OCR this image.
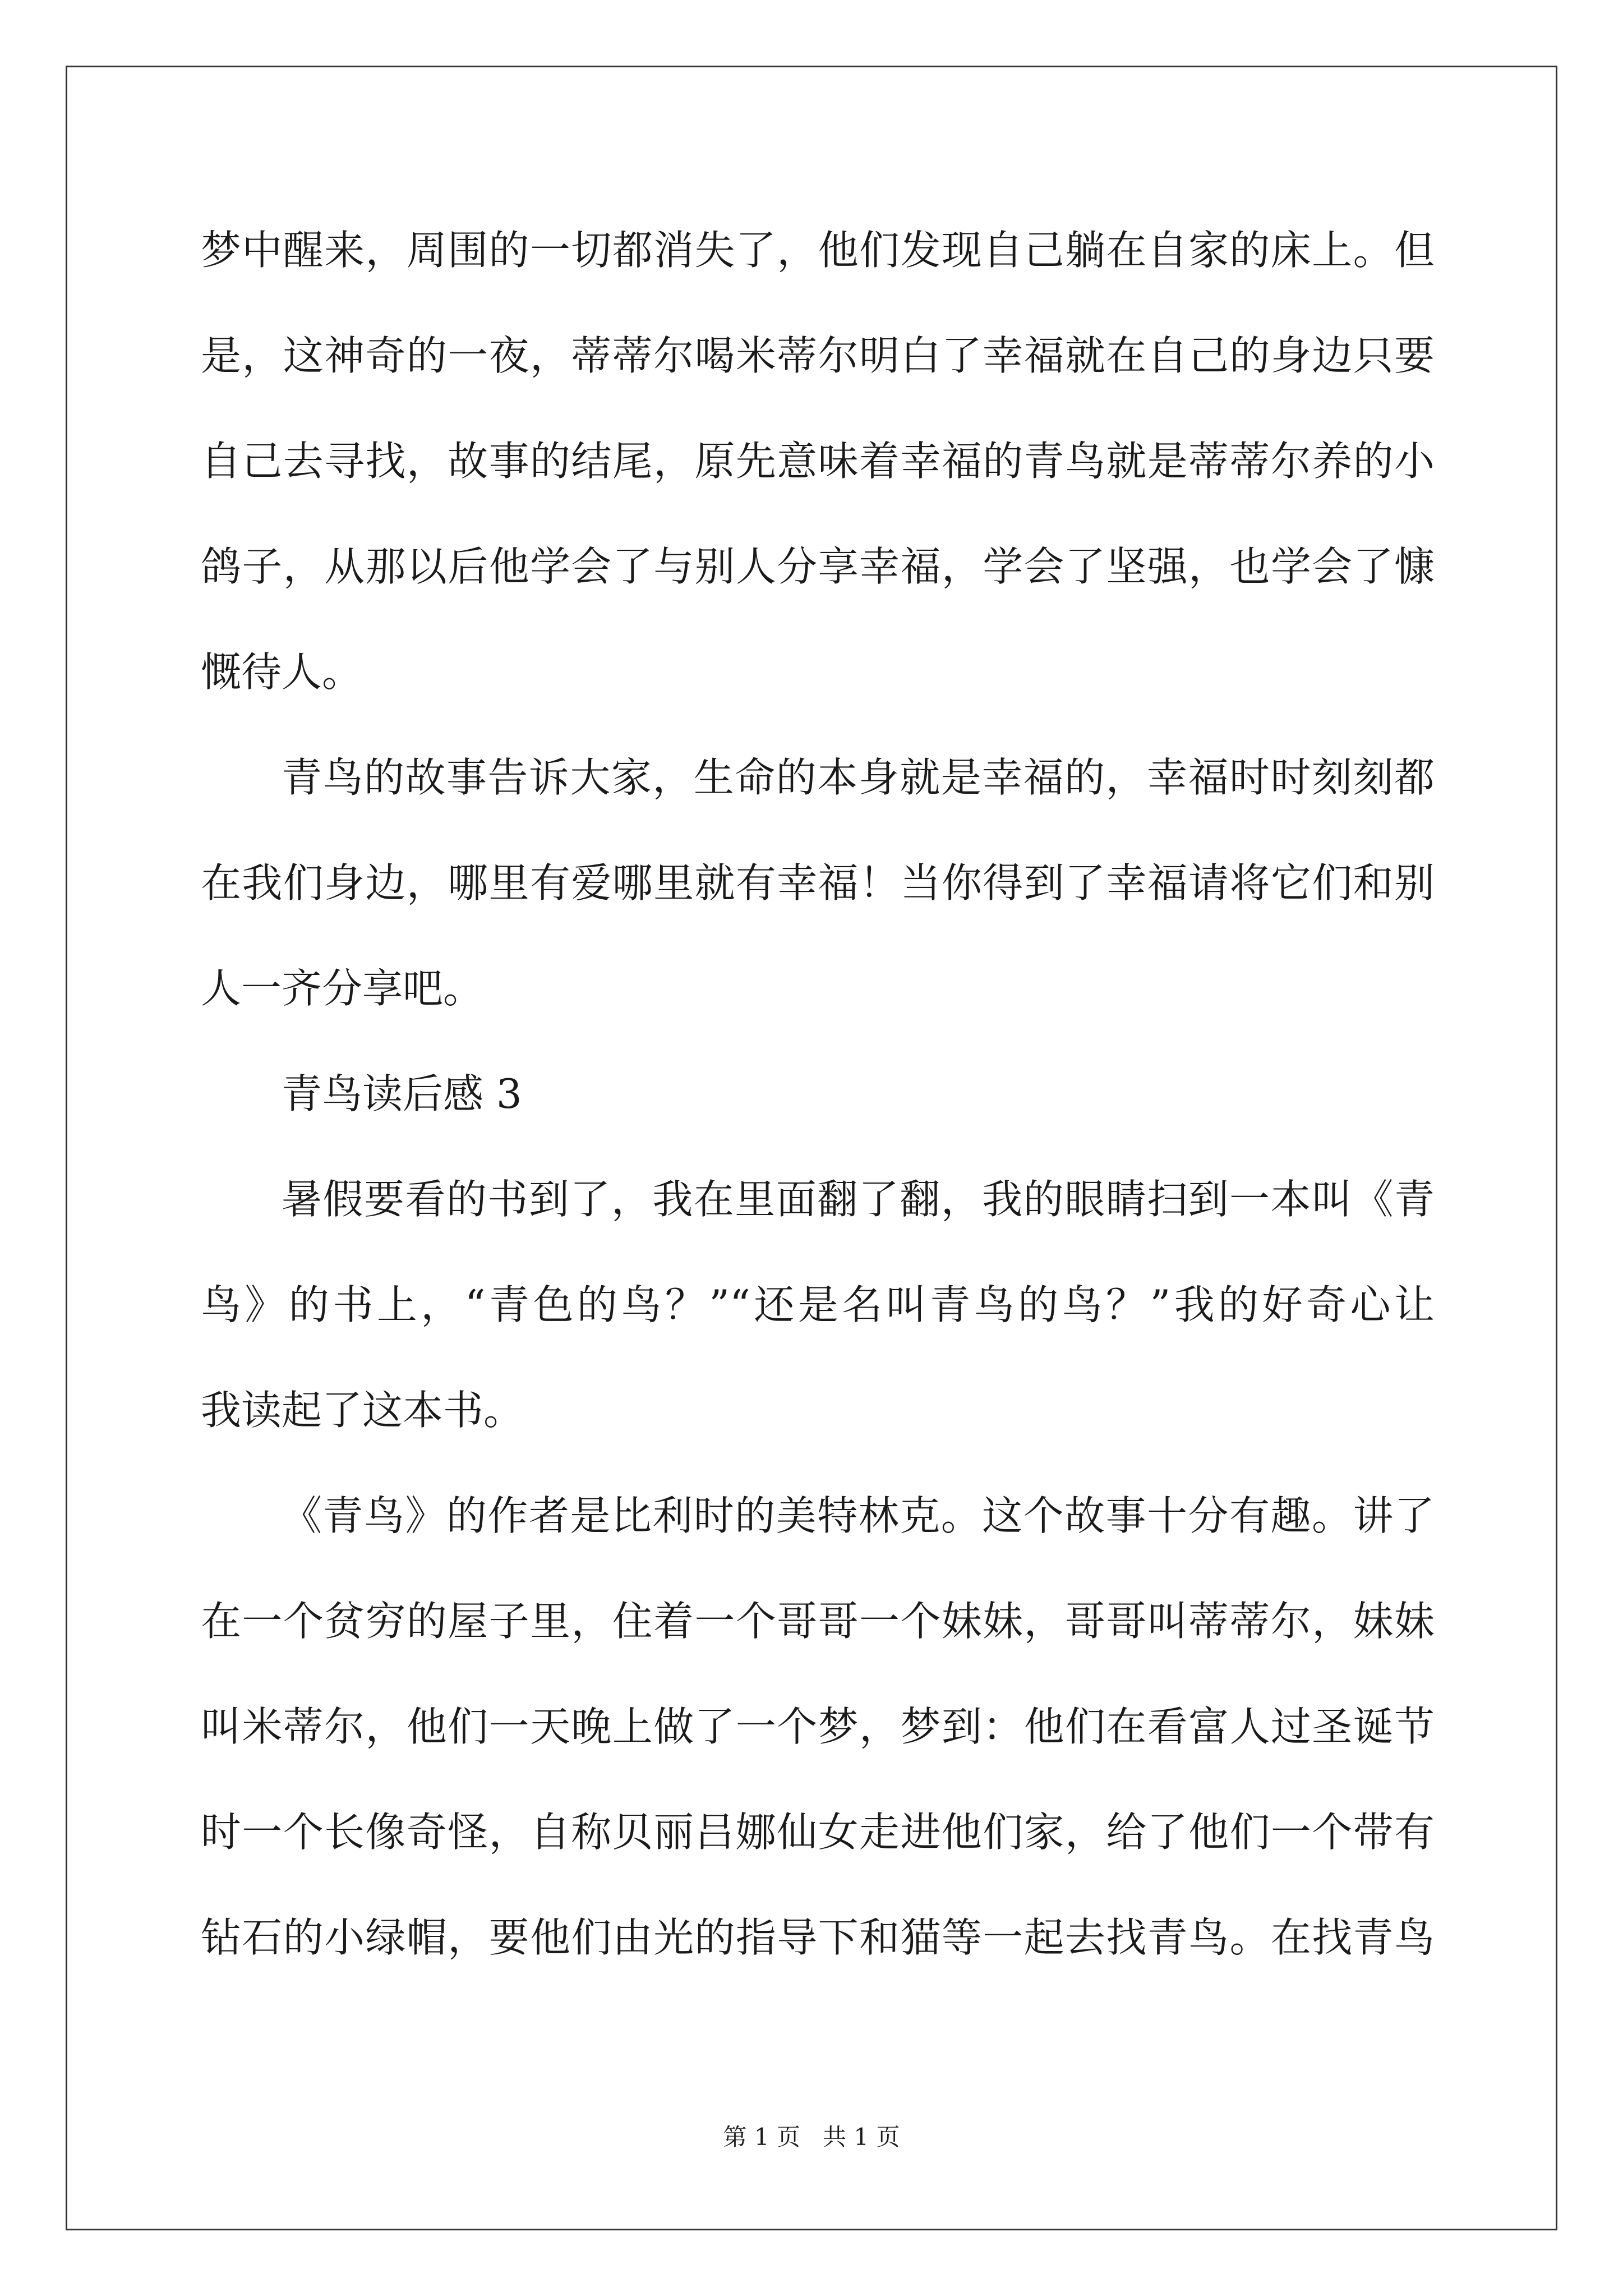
梦中醒来，周围的一切都消失了，他们发现自己躺在自家的床上。但
是，这神奇的一夜，蒂蒂尔喝米蒂尔明白了幸福就在自己的身边只要
自己去寻找，故事的结尾，原先意味着幸福的青鸟就是蒂蒂尔养的小
鸽子，从那以后他学会了与别人分享幸福，学会了坚强，也学会了慷
慨待人。
青鸟的故事告诉大家，生命的本身就是幸福的，幸福时时刻刻都
在我们身边，哪里有爱哪里就有幸福！当你得到了幸福请将它们和别
人一齐分享吧。
青鸟读后感 3
暑假要看的书到了，我在里面翻了翻，我的眼睛扫到一本叫《青
鸟》的书上，“青色的鸟？”“还是名叫青鸟的鸟？”我的好奇心让
我读起了这本书。
《青鸟》的作者是比利时的美特林克。这个故事十分有趣。讲了
在一个贫穷的屋子里，住着一个哥哥一个妹妹，哥哥叫蒂蒂尔，妹妹
叫米蒂尔，他们一天晚上做了一个梦，梦到：他们在看富人过圣诞节
时一个长像奇怪，自称贝丽吕娜仙女走进他们家，给了他们一个带有
钻石的小绿帽，要他们由光的指导下和猫等一起去找青鸟。在找青鸟
第 1 页   共 1 页
